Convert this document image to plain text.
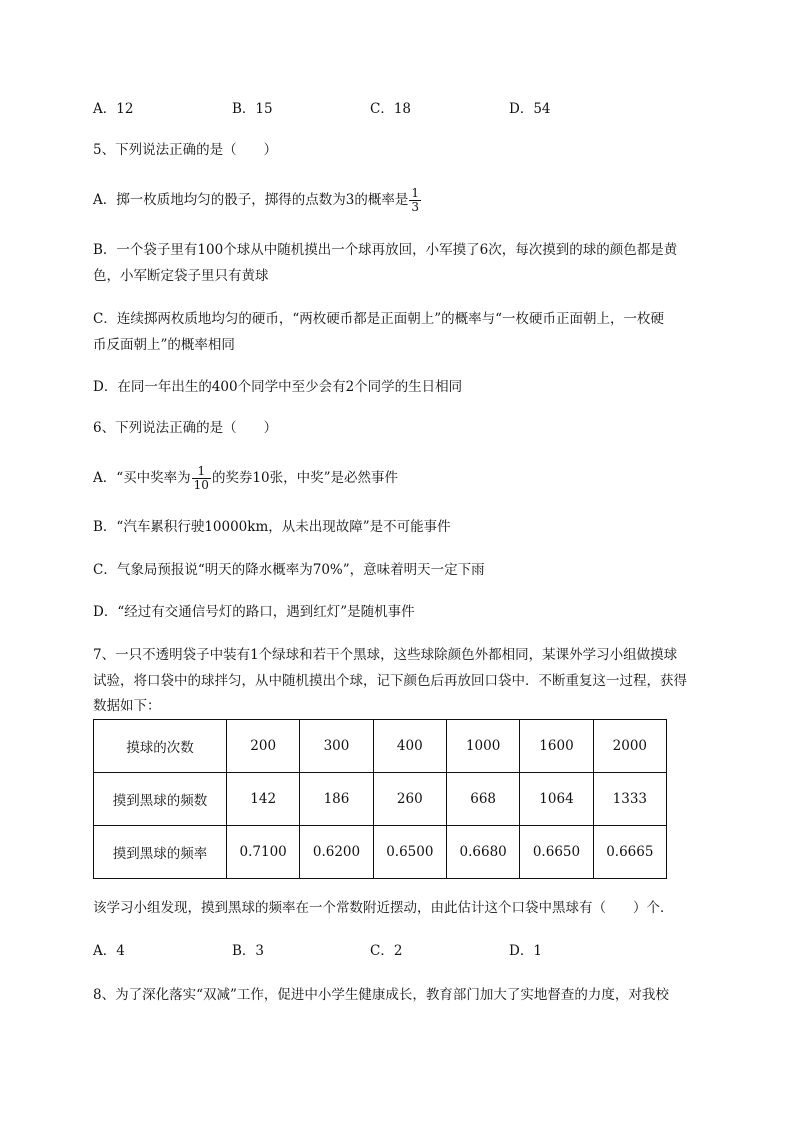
A．12	B．15	C．18	D．54
5、下列说法正确的是（　　）
A．掷一枚质地均匀的骰子，掷得的点数为3的概率是 $\frac{1}{3}$
B．一个袋子里有100个球从中随机摸出一个球再放回，小军摸了6次，每次摸到的球的颜色都是黄
色，小军断定袋子里只有黄球
C．连续掷两枚质地均匀的硬币，“两枚硬币都是正面朝上”的概率与“一枚硬币正面朝上，一枚硬
币反面朝上”的概率相同
D．在同一年出生的400个同学中至少会有2个同学的生日相同
6、下列说法正确的是（　　）
A．“买中奖率为 $\frac{1}{10}$ 的奖券10张，中奖”是必然事件
B．“汽车累积行驶10000km，从未出现故障”是不可能事件
C．气象局预报说“明天的降水概率为70%”，意味着明天一定下雨
D．“经过有交通信号灯的路口，遇到红灯”是随机事件
7、一只不透明袋子中装有1个绿球和若干个黑球，这些球除颜色外都相同，某课外学习小组做摸球
试验，将口袋中的球拌匀，从中随机摸出个球，记下颜色后再放回口袋中．不断重复这一过程，获得
数据如下：
摸球的次数	200	300	400	1000	1600	2000
摸到黑球的频数	142	186	260	668	1064	1333
摸到黑球的频率	0.7100	0.6200	0.6500	0.6680	0.6650	0.6665
该学习小组发现，摸到黑球的频率在一个常数附近摆动，由此估计这个口袋中黑球有（　　）个．
A．4	B．3	C．2	D．1
8、为了深化落实“双减”工作，促进中小学生健康成长，教育部门加大了实地督查的力度，对我校
